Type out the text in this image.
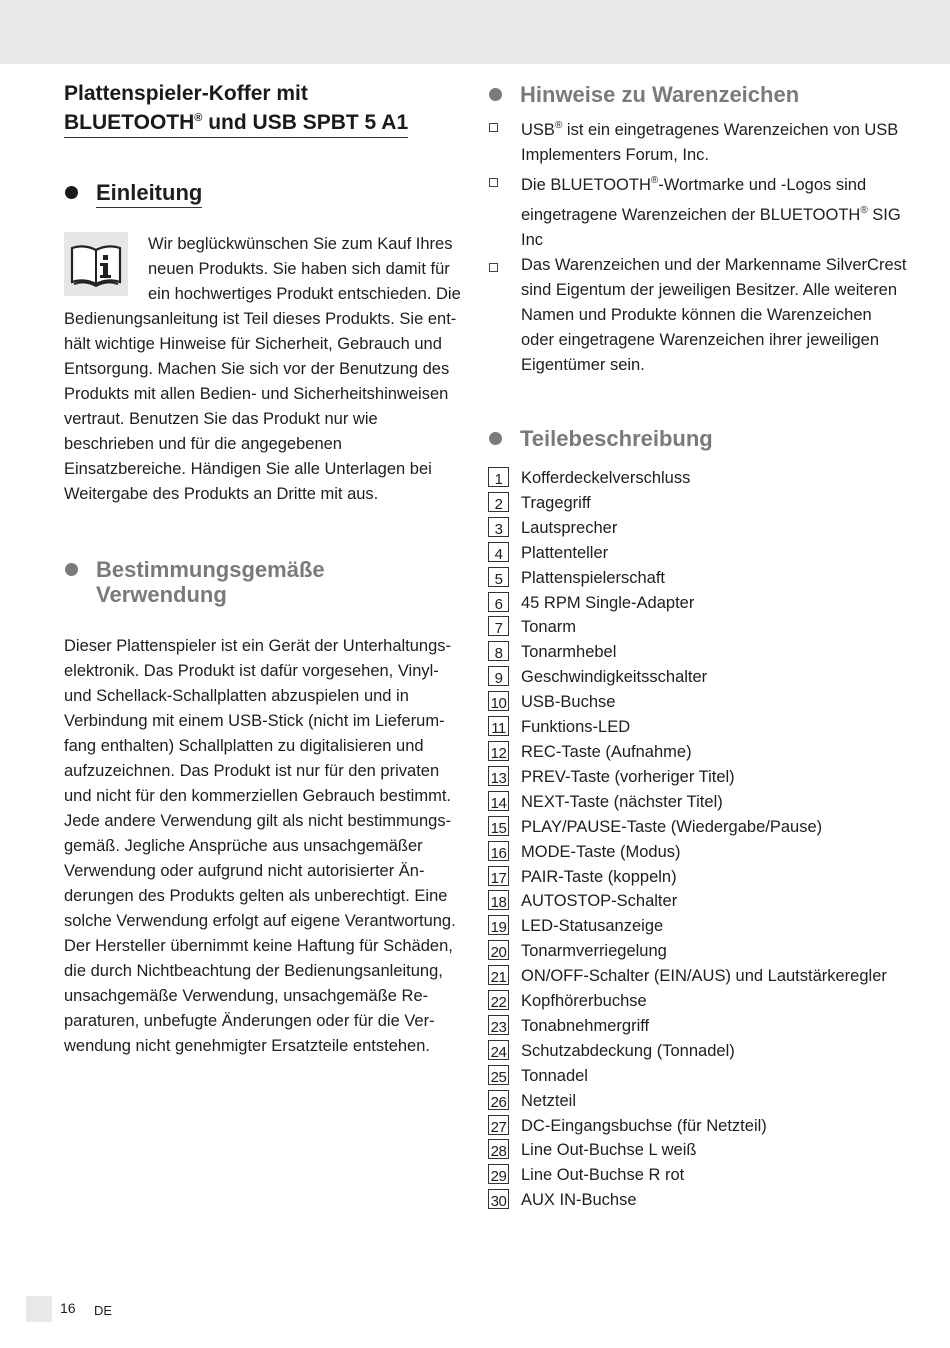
Plattenspieler-Koffer mit
BLUETOOTH® und USB SPBT 5 A1
Einleitung

Wir beglückwünschen Sie zum Kauf Ihres neuen Produkts. Sie haben sich damit für ein hochwertiges Produkt entschieden. Die Bedienungsanleitung ist Teil dieses Produkts. Sie enthält wichtige Hinweise für Sicherheit, Gebrauch und Entsorgung. Machen Sie sich vor der Benutzung des Produkts mit allen Bedien- und Sicherheitshinweisen vertraut. Benutzen Sie das Produkt nur wie beschrieben und für die angegebenen Einsatzbereiche. Händigen Sie alle Unterlagen bei Weitergabe des Produkts an Dritte mit aus.

Bestimmungsgemäße
Verwendung

Dieser Plattenspieler ist ein Gerät der Unterhaltungselektronik. Das Produkt ist dafür vorgesehen, Vinyl- und Schellack-Schallplatten abzuspielen und in Verbindung mit einem USB-Stick (nicht im Lieferumfang enthalten) Schallplatten zu digitalisieren und aufzuzeichnen. Das Produkt ist nur für den privaten und nicht für den kommerziellen Gebrauch bestimmt. Jede andere Verwendung gilt als nicht bestimmungsgemäß. Jegliche Ansprüche aus unsachgemäßer Verwendung oder aufgrund nicht autorisierter Änderungen des Produkts gelten als unberechtigt. Eine solche Verwendung erfolgt auf eigene Verantwortung. Der Hersteller übernimmt keine Haftung für Schäden, die durch Nichtbeachtung der Bedienungsanleitung, unsachgemäße Verwendung, unsachgemäße Reparaturen, unbefugte Änderungen oder für die Verwendung nicht genehmigter Ersatzteile entstehen.

Hinweise zu Warenzeichen
USB® ist ein eingetragenes Warenzeichen von USB Implementers Forum, Inc.
Die BLUETOOTH®-Wortmarke und -Logos sind eingetragene Warenzeichen der BLUETOOTH® SIG Inc
Das Warenzeichen und der Markenname SilverCrest sind Eigentum der jeweiligen Besitzer. Alle weiteren Namen und Produkte können die Warenzeichen oder eingetragene Warenzeichen ihrer jeweiligen Eigentümer sein.
Teilebeschreibung
1	Kofferdeckelverschluss
2	Tragegriff
3	Lautsprecher
4	Plattenteller
5	Plattenspielerschaft
6	45 RPM Single-Adapter
7	Tonarm
8	Tonarmhebel
9	Geschwindigkeitsschalter
10 USB-Buchse
11 Funktions-LED
12 REC-Taste (Aufnahme)
13 PREV-Taste (vorheriger Titel)
14 NEXT-Taste (nächster Titel)
15 PLAY/PAUSE-Taste (Wiedergabe/Pause)
16 MODE-Taste (Modus)
17 PAIR-Taste (koppeln)
18 AUTOSTOP-Schalter
19 LED-Statusanzeige
20 Tonarmverriegelung
21 ON/OFF-Schalter (EIN/AUS) und Lautstärkeregler
22 Kopfhörerbuchse
23 Tonabnehmergriff
24 Schutzabdeckung (Tonnadel)
25 Tonnadel
26 Netzteil
27 DC-Eingangsbuchse (für Netzteil)
28 Line Out-Buchse L weiß
29 Line Out-Buchse R rot
30 AUX IN-Buchse
16 DE
